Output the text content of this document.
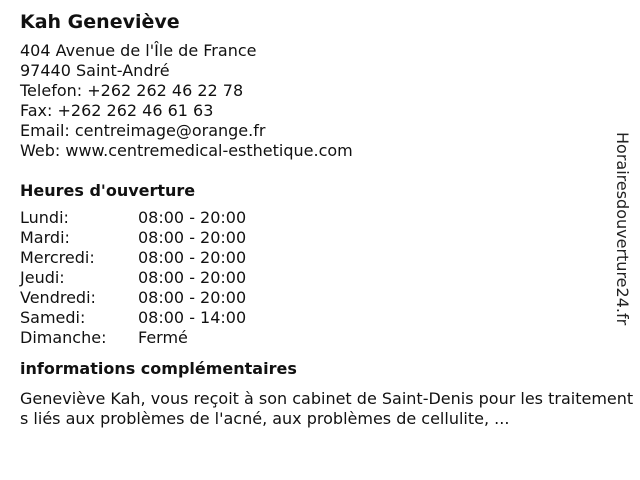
Kah Geneviève
404 Avenue de l'Île de France
97440 Saint-André
Telefon: +262 262 46 22 78
Fax: +262 262 46 61 63
Email: centreimage@orange.fr
Web: www.centremedical-esthetique.com
Heures d'ouverture
Lundi:	08:00 - 20:00
Mardi:	08:00 - 20:00
Mercredi:	08:00 - 20:00
Jeudi:	08:00 - 20:00
Vendredi:	08:00 - 20:00
Samedi:	08:00 - 14:00
Dimanche:	Fermé
informations complémentaires

Geneviève Kah, vous reçoit à son cabinet de Saint-Denis pour les traitements liés aux problèmes de l'acné, aux problèmes de cellulite, ...

Horairesdouverture24.fr
